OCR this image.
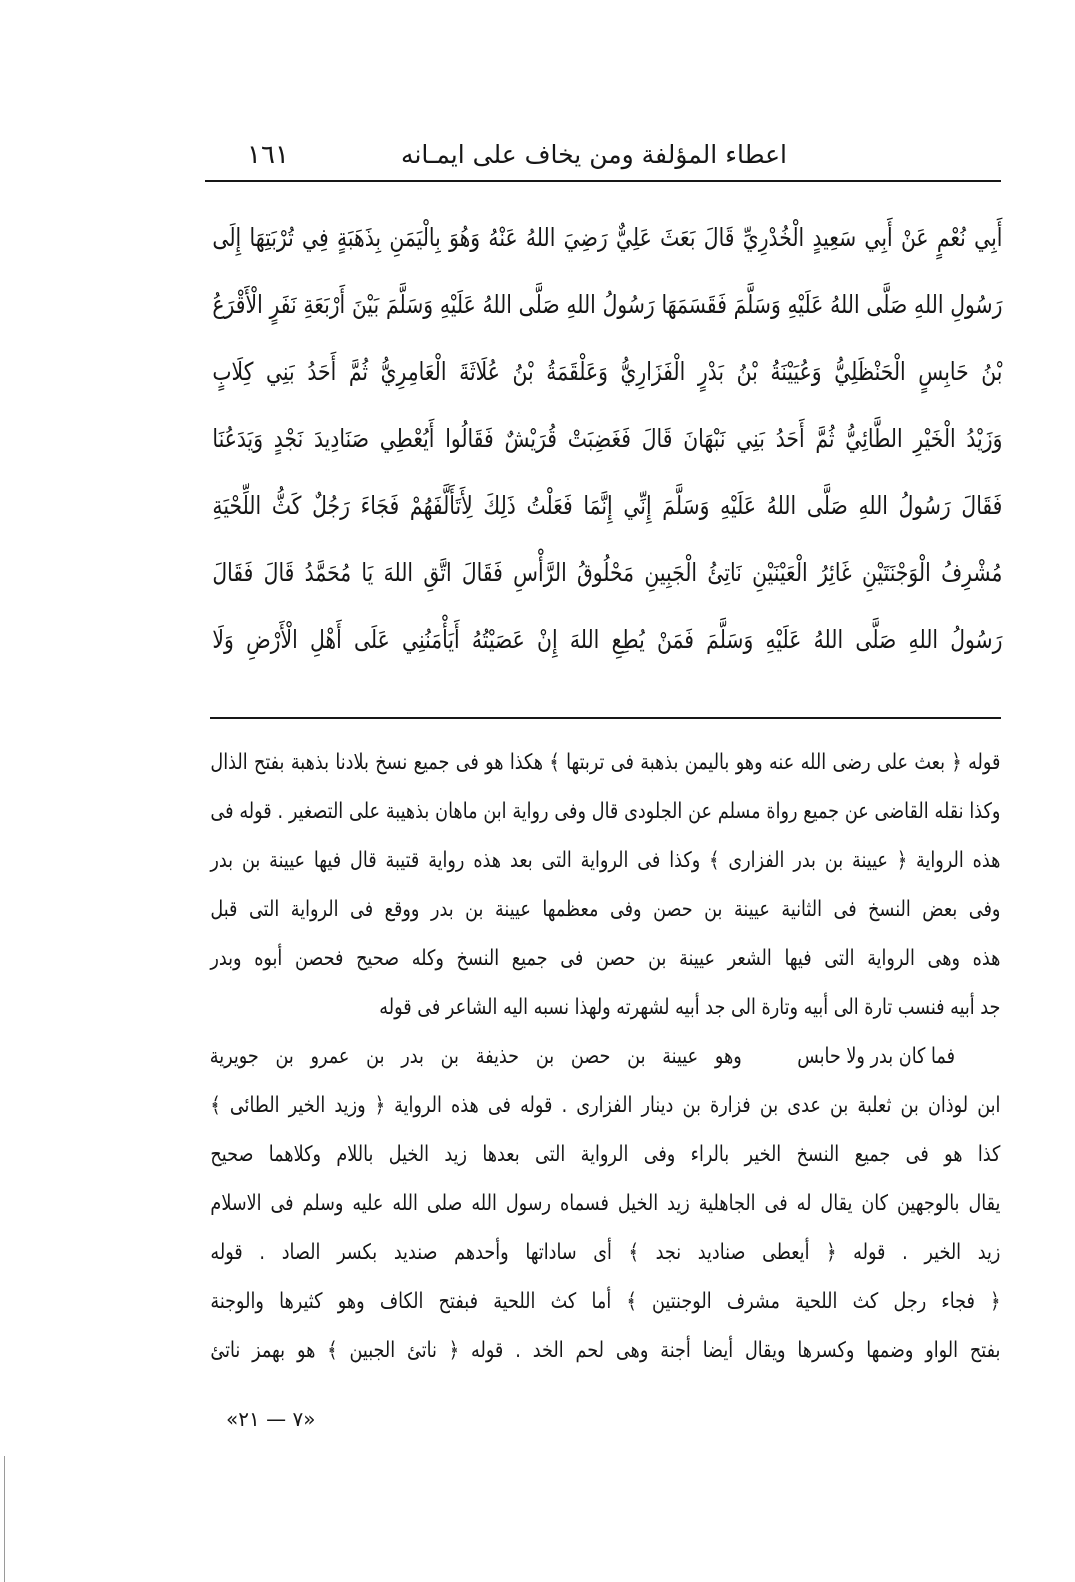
١٦١	اعطاء المؤلفة ومن يخاف على ايمـانه
أَبِي نُعْمٍ عَنْ أَبِي سَعِيدٍ الْخُدْرِيِّ قَالَ بَعَثَ عَلِيٌّ رَضِيَ اللهُ عَنْهُ وَهُوَ بِالْيَمَنِ بِذَهَبَةٍ فِي تُرْبَتِهَا إِلَى
رَسُولِ اللهِ صَلَّى اللهُ عَلَيْهِ وَسَلَّمَ فَقَسَمَهَا رَسُولُ اللهِ صَلَّى اللهُ عَلَيْهِ وَسَلَّمَ بَيْنَ أَرْبَعَةِ نَفَرٍ الْأَقْرَعُ
بْنُ حَابِسٍ الْحَنْظَلِيُّ وَعُيَيْنَةُ بْنُ بَدْرٍ الْفَزَارِيُّ وَعَلْقَمَةُ بْنُ عُلَاثَةَ الْعَامِرِيُّ ثُمَّ أَحَدُ بَنِي كِلَابٍ
وَزَيْدُ الْخَيْرِ الطَّائِيُّ ثُمَّ أَحَدُ بَنِي نَبْهَانَ قَالَ فَغَضِبَتْ قُرَيْشٌ فَقَالُوا أَيُعْطِي صَنَادِيدَ نَجْدٍ وَيَدَعُنَا
فَقَالَ رَسُولُ اللهِ صَلَّى اللهُ عَلَيْهِ وَسَلَّمَ إِنِّي إِنَّمَا فَعَلْتُ ذَلِكَ لِأَتَأَلَّفَهُمْ فَجَاءَ رَجُلٌ كَثُّ اللِّحْيَةِ
مُشْرِفُ الْوَجْنَتَيْنِ غَائِرُ الْعَيْنَيْنِ نَاتِئُ الْجَبِينِ مَحْلُوقُ الرَّأْسِ فَقَالَ اتَّقِ اللهَ يَا مُحَمَّدُ قَالَ فَقَالَ
رَسُولُ اللهِ صَلَّى اللهُ عَلَيْهِ وَسَلَّمَ فَمَنْ يُطِعِ اللهَ إِنْ عَصَيْتُهُ أَيَأْمَنُنِي عَلَى أَهْلِ الْأَرْضِ وَلَا
قوله ﴿ بعث على رضى الله عنه وهو باليمن بذهبة فى تربتها ﴾ هكذا هو فى جميع نسخ بلادنا بذهبة بفتح الذال
وكذا نقله القاضى عن جميع رواة مسلم عن الجلودى قال وفى رواية ابن ماهان بذهيبة على التصغير . قوله فى
هذه الرواية ﴿ عيينة بن بدر الفزارى ﴾ وكذا فى الرواية التى بعد هذه رواية قتيبة قال فيها عيينة بن بدر
وفى بعض النسخ فى الثانية عيينة بن حصن وفى معظمها عيينة بن بدر ووقع فى الرواية التى قبل
هذه وهى الرواية التى فيها الشعر عيينة بن حصن فى جميع النسخ وكله صحيح فحصن أبوه وبدر
جد أبيه فنسب تارة الى أبيه وتارة الى جد أبيه لشهرته ولهذا نسبه اليه الشاعر فى قوله
فما كان بدر ولا حابس
وهو عيينة بن حصن بن حذيفة بن بدر بن عمرو بن جويرية
ابن لوذان بن ثعلبة بن عدى بن فزارة بن دينار الفزارى . قوله فى هذه الرواية ﴿ وزيد الخير الطائى ﴾
كذا هو فى جميع النسخ الخير بالراء وفى الرواية التى بعدها زيد الخيل باللام وكلاهما صحيح
يقال بالوجهين كان يقال له فى الجاهلية زيد الخيل فسماه رسول الله صلى الله عليه وسلم فى الاسلام
زيد الخير . قوله ﴿ أيعطى صناديد نجد ﴾ أى ساداتها وأحدهم صنديد بكسر الصاد . قوله
﴿ فجاء رجل كث اللحية مشرف الوجنتين ﴾ أما كث اللحية فبفتح الكاف وهو كثيرها والوجنة
بفتح الواو وضمها وكسرها ويقال أيضا أجنة وهى لحم الخد . قوله ﴿ ناتئ الجبين ﴾ هو بهمز ناتئ
«٧ — ٢١»
